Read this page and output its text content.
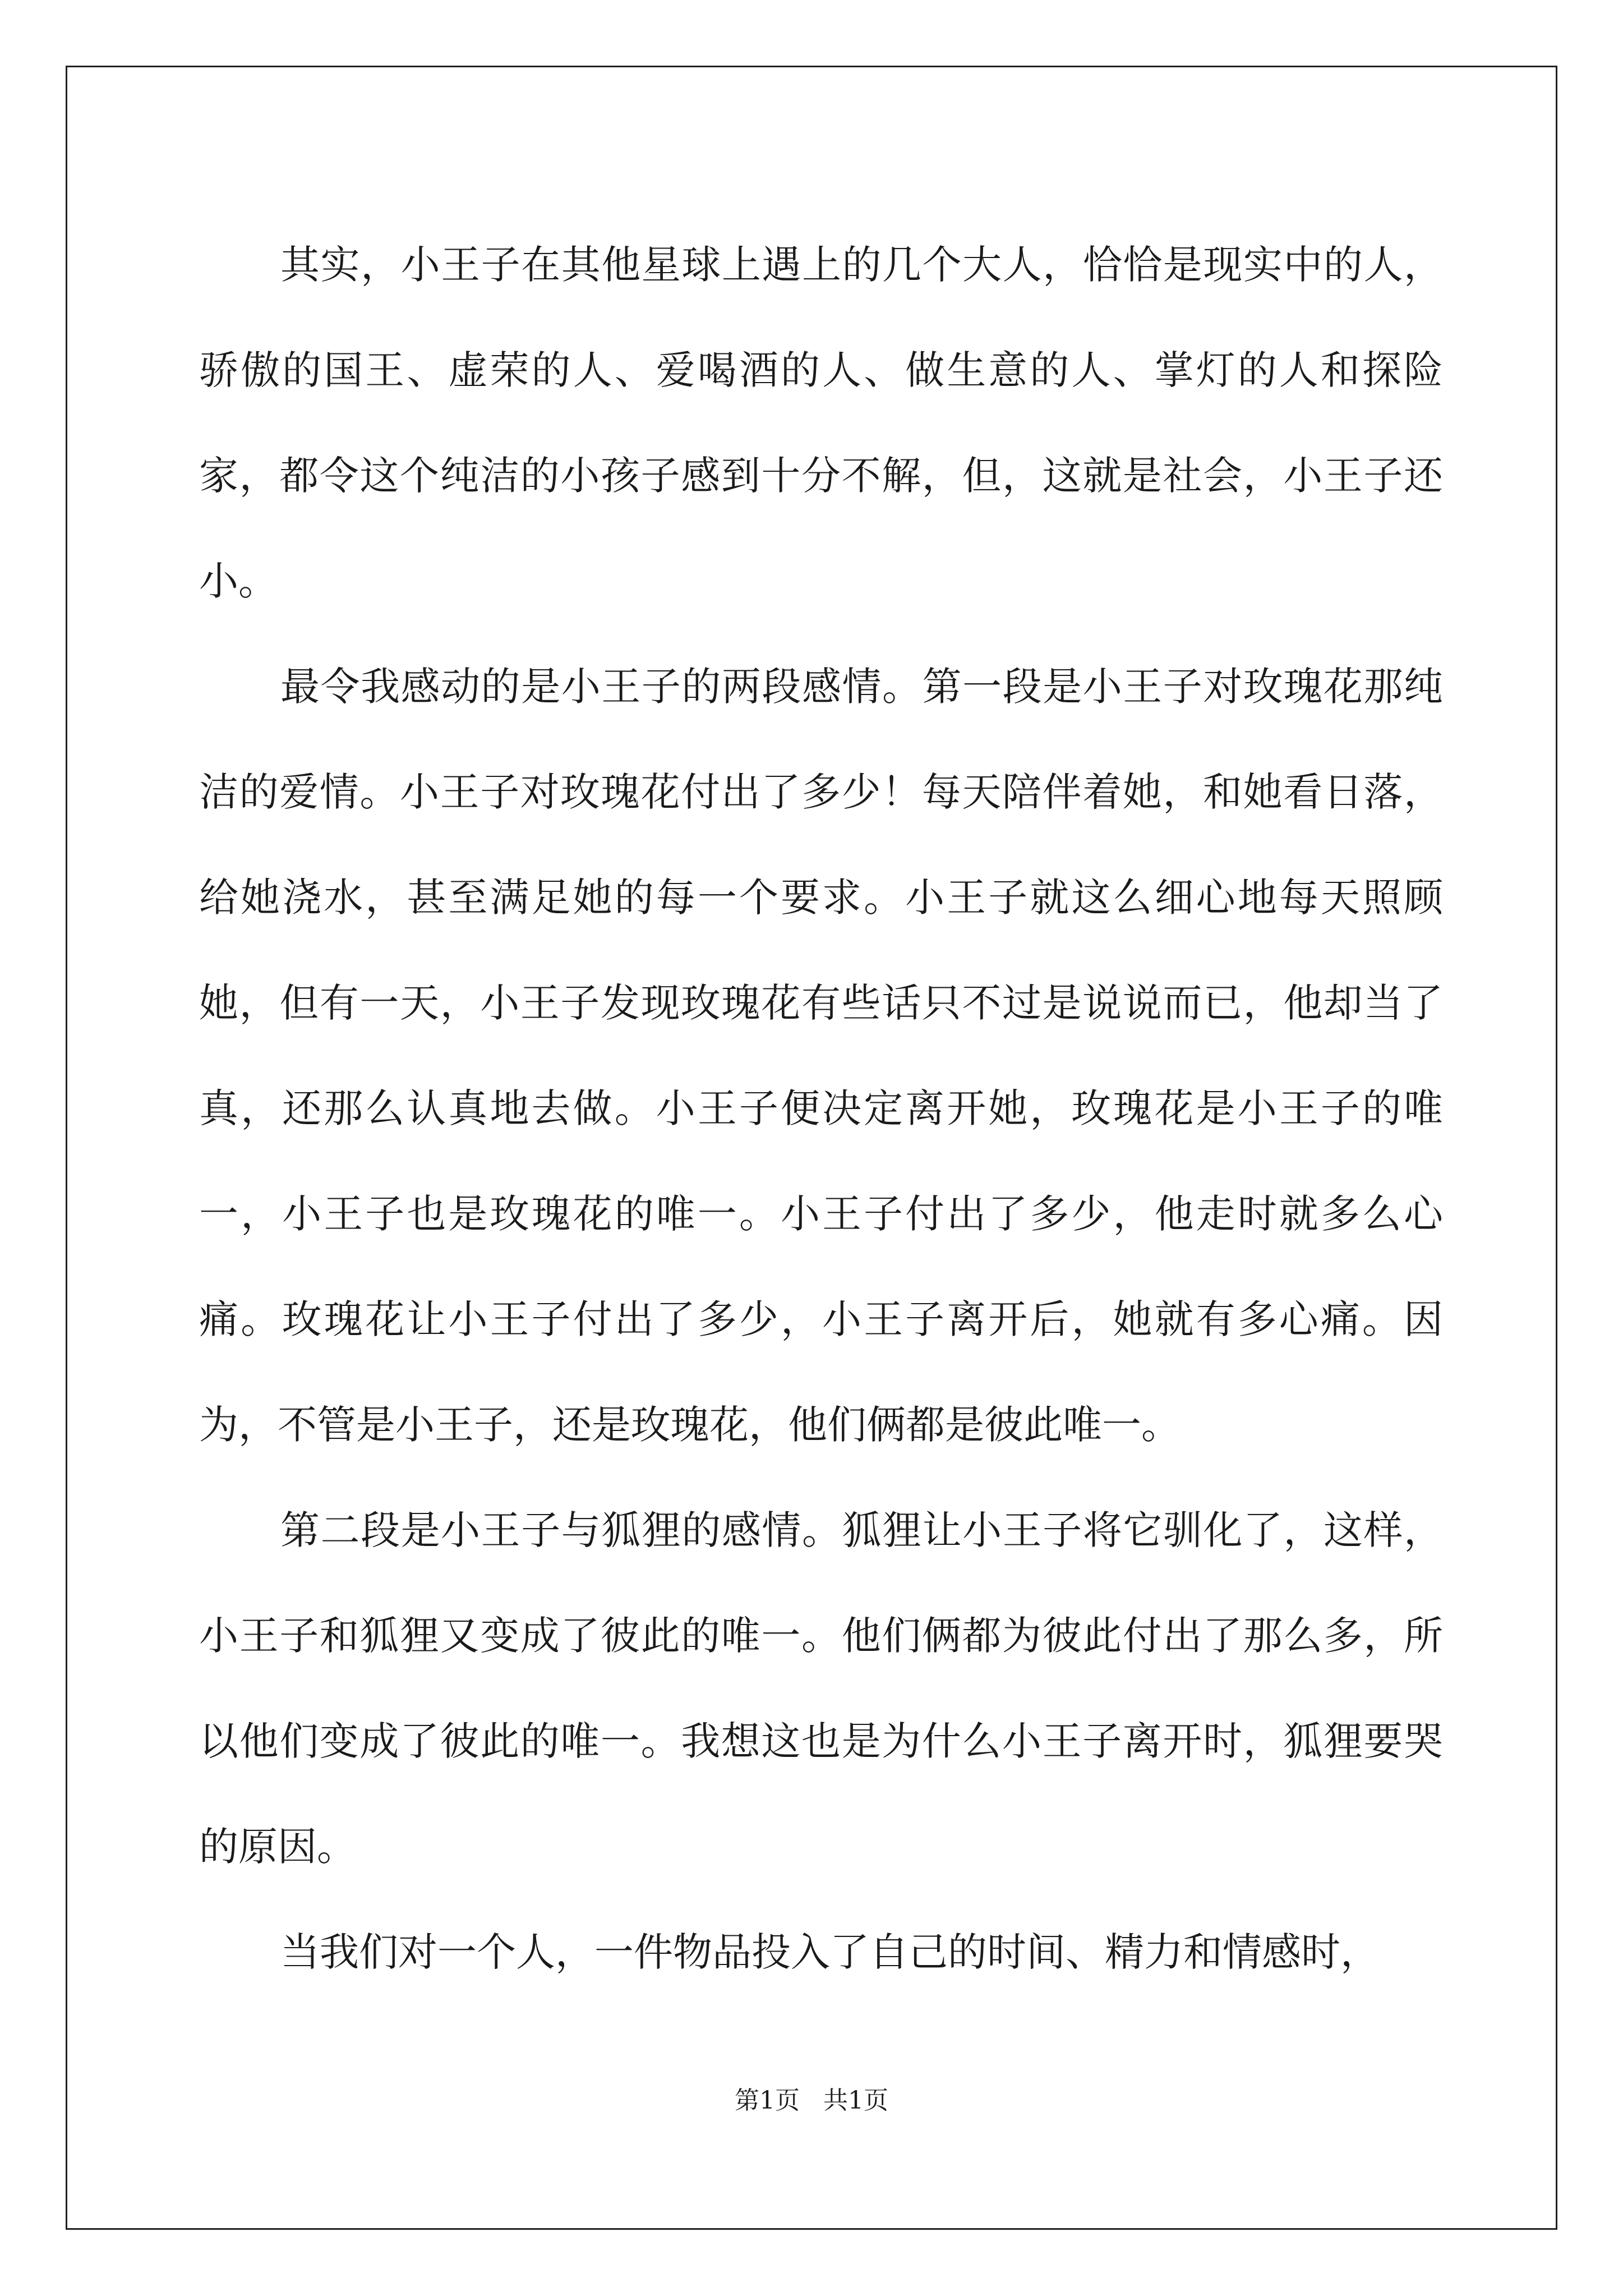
其实，小王子在其他星球上遇上的几个大人，恰恰是现实中的人，骄傲的国王、虚荣的人、爱喝酒的人、做生意的人、掌灯的人和探险家，都令这个纯洁的小孩子感到十分不解，但，这就是社会，小王子还小。

最令我感动的是小王子的两段感情。第一段是小王子对玫瑰花那纯洁的爱情。小王子对玫瑰花付出了多少！每天陪伴着她，和她看日落，给她浇水，甚至满足她的每一个要求。小王子就这么细心地每天照顾她，但有一天，小王子发现玫瑰花有些话只不过是说说而已，他却当了真，还那么认真地去做。小王子便决定离开她，玫瑰花是小王子的唯一，小王子也是玫瑰花的唯一。小王子付出了多少，他走时就多么心痛。玫瑰花让小王子付出了多少，小王子离开后，她就有多心痛。因为，不管是小王子，还是玫瑰花，他们俩都是彼此唯一。

第二段是小王子与狐狸的感情。狐狸让小王子将它驯化了，这样，小王子和狐狸又变成了彼此的唯一。他们俩都为彼此付出了那么多，所以他们变成了彼此的唯一。我想这也是为什么小王子离开时，狐狸要哭的原因。

当我们对一个人，一件物品投入了自己的时间、精力和情感时，

第1页   共1页
